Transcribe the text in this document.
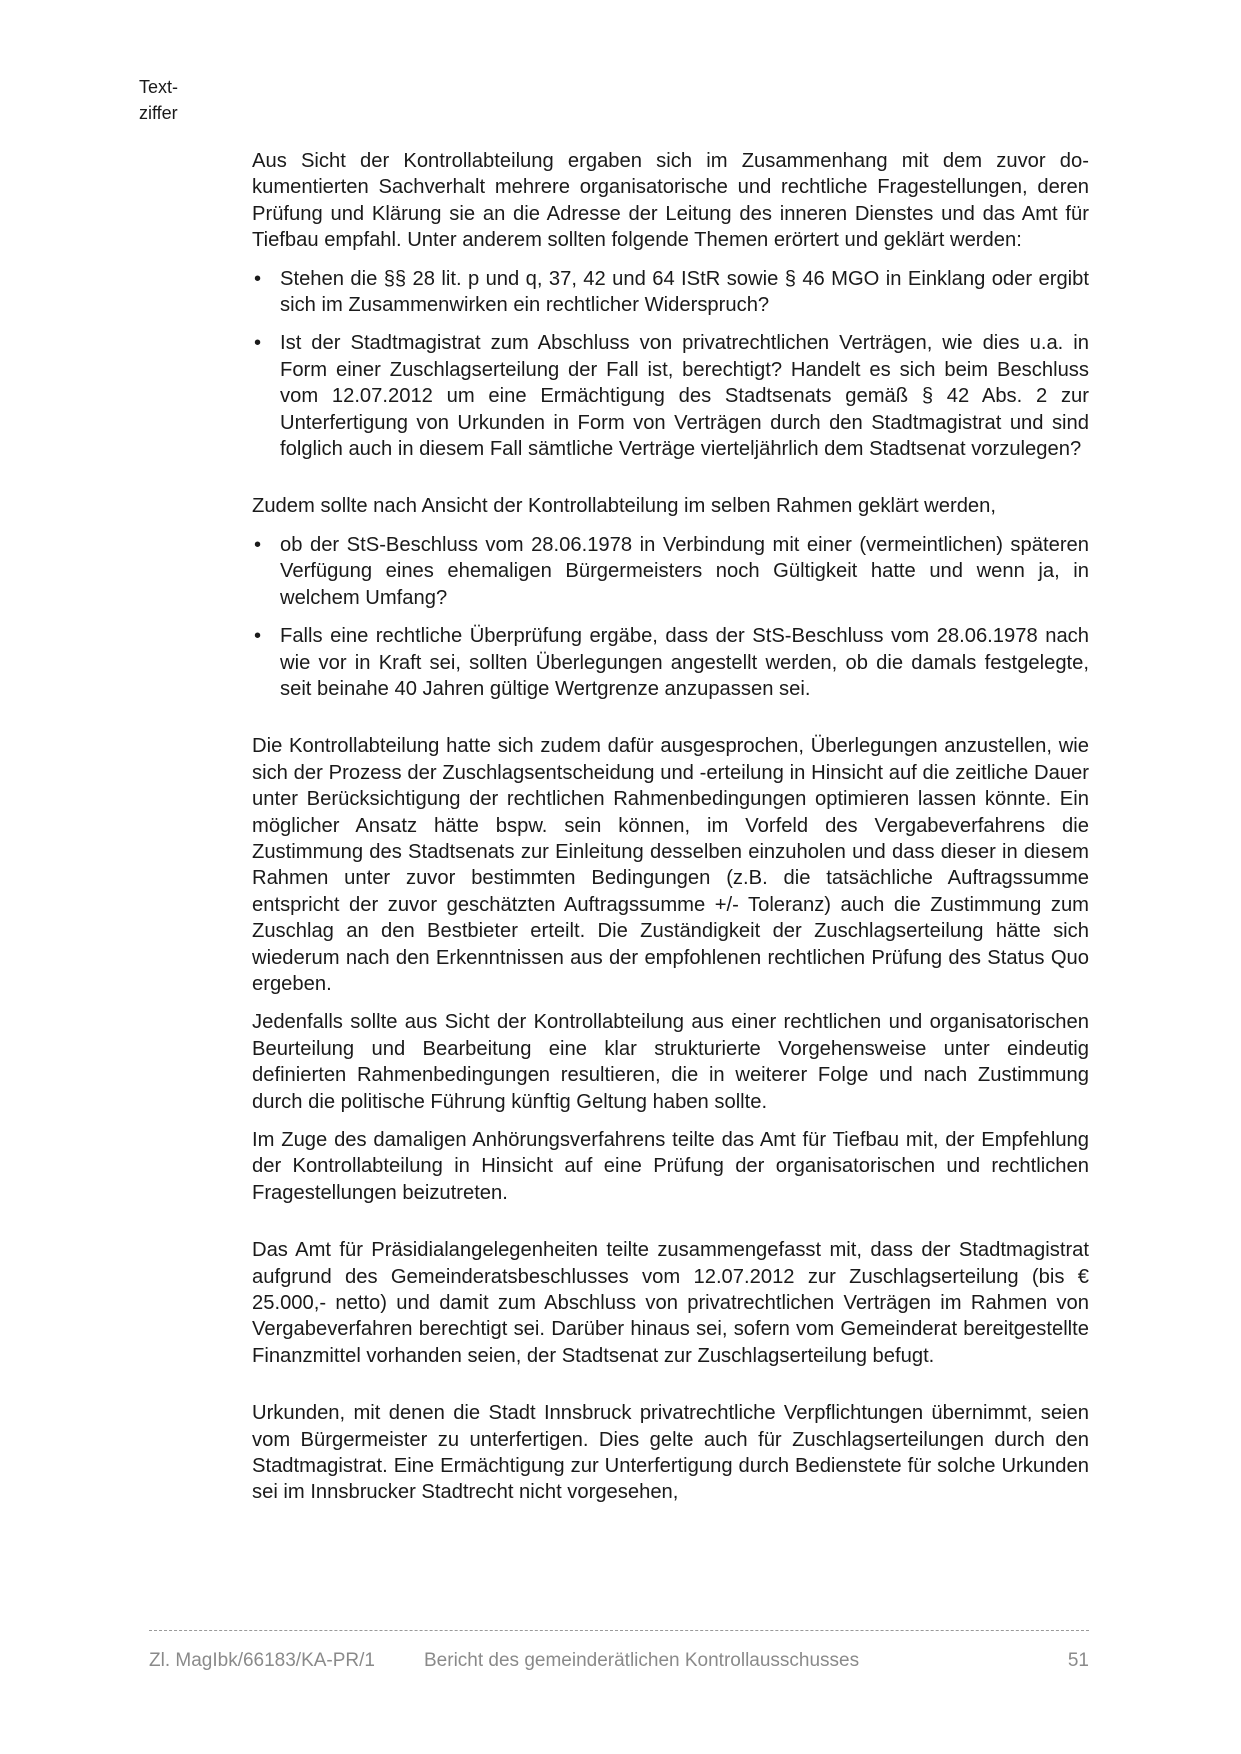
Text-
ziffer

Aus Sicht der Kontrollabteilung ergaben sich im Zusammenhang mit dem zuvor dokumentierten Sachverhalt mehrere organisatorische und rechtliche Fragestellungen, deren Prüfung und Klärung sie an die Adresse der Leitung des inneren Dienstes und das Amt für Tiefbau empfahl. Unter anderem sollten folgende Themen erörtert und geklärt werden:

• Stehen die §§ 28 lit. p und q, 37, 42 und 64 IStR sowie § 46 MGO in Einklang oder ergibt sich im Zusammenwirken ein rechtlicher Widerspruch?
• Ist der Stadtmagistrat zum Abschluss von privatrechtlichen Verträgen, wie dies u.a. in Form einer Zuschlagserteilung der Fall ist, berechtigt? Handelt es sich beim Beschluss vom 12.07.2012 um eine Ermächtigung des Stadtsenats gemäß § 42 Abs. 2 zur Unterfertigung von Urkunden in Form von Verträgen durch den Stadtmagistrat und sind folglich auch in diesem Fall sämtliche Verträge vierteljährlich dem Stadtsenat vorzulegen?

Zudem sollte nach Ansicht der Kontrollabteilung im selben Rahmen geklärt werden,

• ob der StS-Beschluss vom 28.06.1978 in Verbindung mit einer (vermeintlichen) späteren Verfügung eines ehemaligen Bürgermeisters noch Gültigkeit hatte und wenn ja, in welchem Umfang?
• Falls eine rechtliche Überprüfung ergäbe, dass der StS-Beschluss vom 28.06.1978 nach wie vor in Kraft sei, sollten Überlegungen angestellt werden, ob die damals festgelegte, seit beinahe 40 Jahren gültige Wertgrenze anzupassen sei.

Die Kontrollabteilung hatte sich zudem dafür ausgesprochen, Überlegungen anzustellen, wie sich der Prozess der Zuschlagsentscheidung und -erteilung in Hinsicht auf die zeitliche Dauer unter Berücksichtigung der rechtlichen Rahmenbedingungen optimieren lassen könnte. Ein möglicher Ansatz hätte bspw. sein können, im Vorfeld des Vergabeverfahrens die Zustimmung des Stadtsenats zur Einleitung desselben einzuholen und dass dieser in diesem Rahmen unter zuvor bestimmten Bedingungen (z.B. die tatsächliche Auftragssumme entspricht der zuvor geschätzten Auftragssumme +/- Toleranz) auch die Zustimmung zum Zuschlag an den Bestbieter erteilt. Die Zuständigkeit der Zuschlagserteilung hätte sich wiederum nach den Erkenntnissen aus der empfohlenen rechtlichen Prüfung des Status Quo ergeben.

Jedenfalls sollte aus Sicht der Kontrollabteilung aus einer rechtlichen und organisatorischen Beurteilung und Bearbeitung eine klar strukturierte Vorgehensweise unter eindeutig definierten Rahmenbedingungen resultieren, die in weiterer Folge und nach Zustimmung durch die politische Führung künftig Geltung haben sollte.

Im Zuge des damaligen Anhörungsverfahrens teilte das Amt für Tiefbau mit, der Empfehlung der Kontrollabteilung in Hinsicht auf eine Prüfung der organisatorischen und rechtlichen Fragestellungen beizutreten.

Das Amt für Präsidialangelegenheiten teilte zusammengefasst mit, dass der Stadtmagistrat aufgrund des Gemeinderatsbeschlusses vom 12.07.2012 zur Zuschlagserteilung (bis € 25.000,- netto) und damit zum Abschluss von privatrechtlichen Verträgen im Rahmen von Vergabeverfahren berechtigt sei. Darüber hinaus sei, sofern vom Gemeinderat bereitgestellte Finanzmittel vorhanden seien, der Stadtsenat zur Zuschlagserteilung befugt.

Urkunden, mit denen die Stadt Innsbruck privatrechtliche Verpflichtungen übernimmt, seien vom Bürgermeister zu unterfertigen. Dies gelte auch für Zuschlagserteilungen durch den Stadtmagistrat. Eine Ermächtigung zur Unterfertigung durch Bedienstete für solche Urkunden sei im Innsbrucker Stadtrecht nicht vorgesehen,

Zl. MagIbk/66183/KA-PR/1	Bericht des gemeinderätlichen Kontrollausschusses	51
